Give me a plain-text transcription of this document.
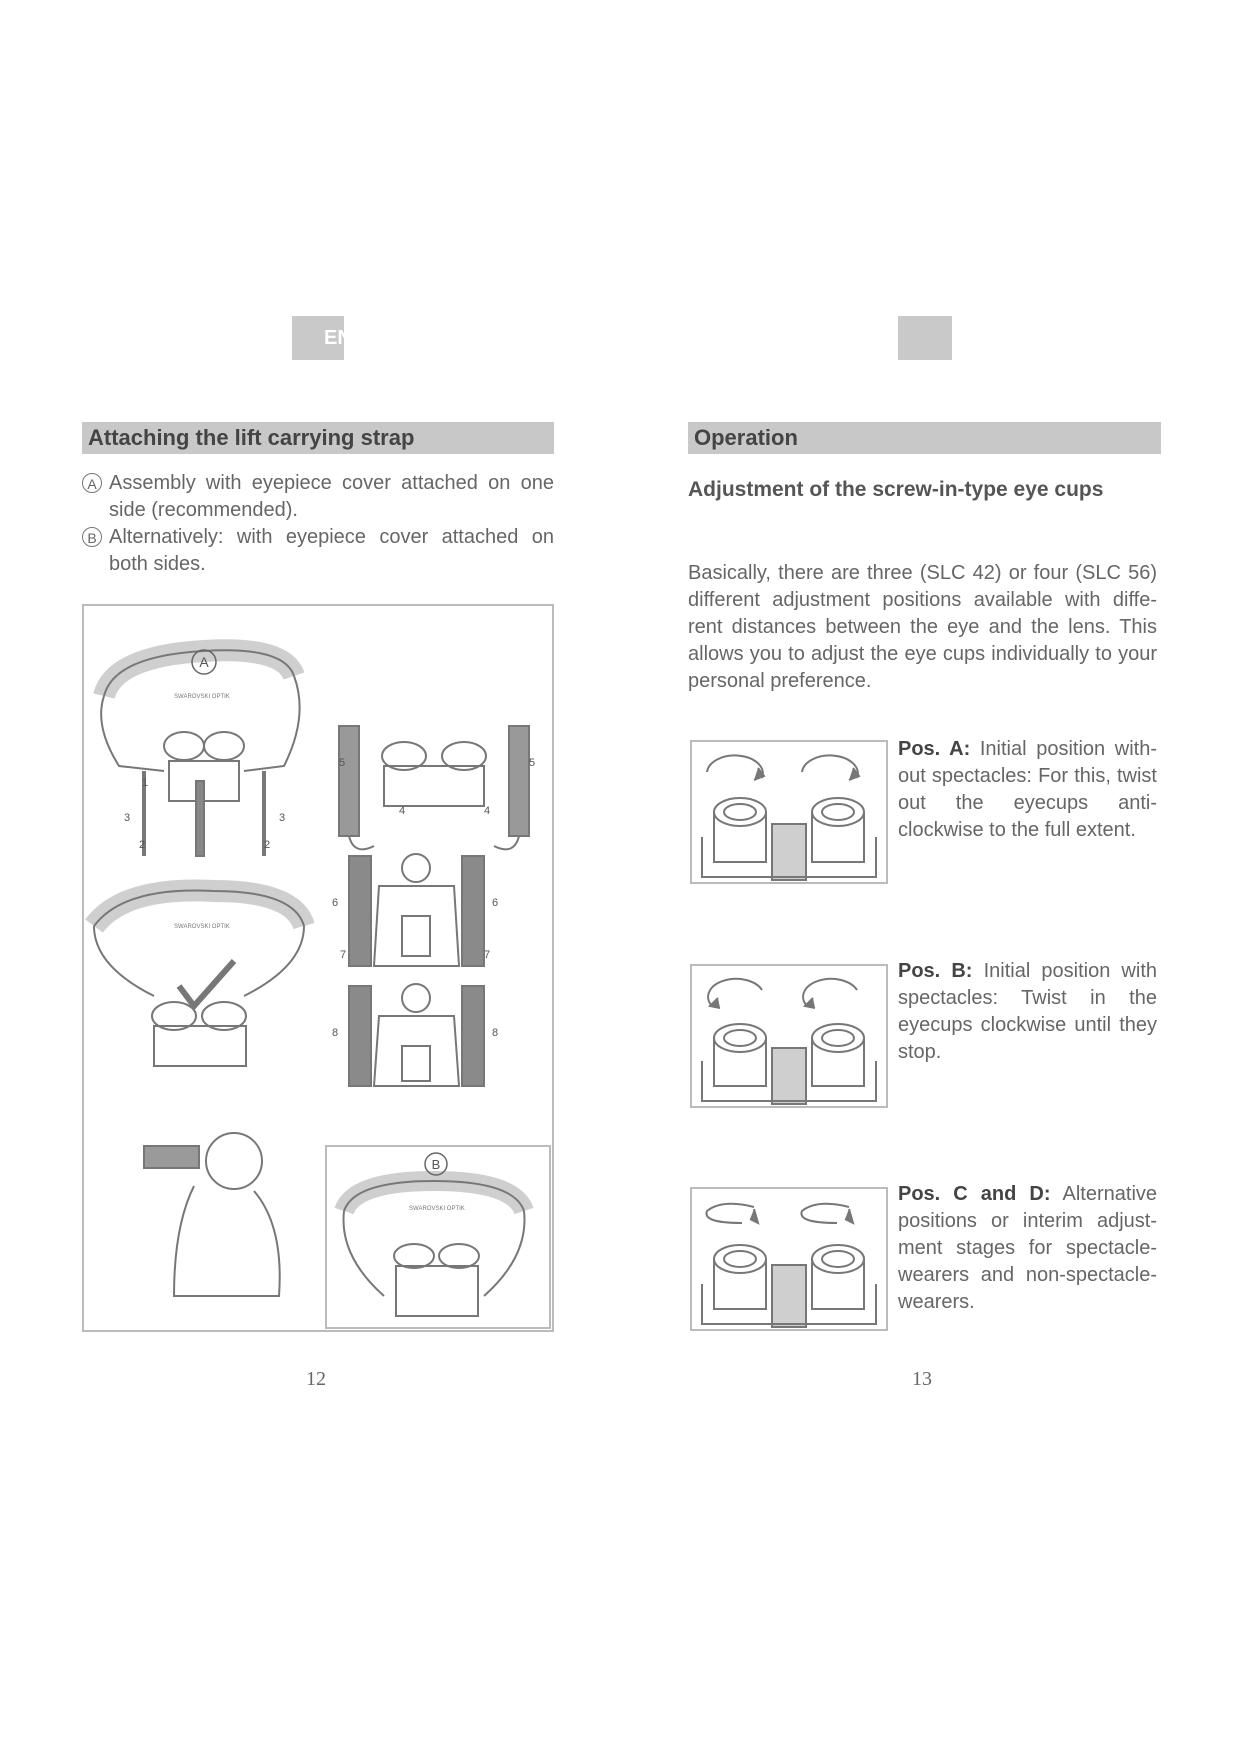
EN
Attaching the lift carrying strap
A Assembly with eyepiece cover attached on one side (recommended).
B Alternatively: with eyepiece cover attached on both sides.
A
1
3	3
2	2
SWAROVSKI OPTIK
5	5
4	4
SWAROVSKI OPTIK
6	6
7	7
8	8
B
SWAROVSKI OPTIK
12
Operation
Adjustment of the screw-in-type eye cups
Basically, there are three (SLC 42) or four (SLC 56) different adjustment positions available with diffe-rent distances between the eye and the lens. This allows you to adjust the eye cups individually to your personal preference.
Pos. A: Initial position with-out spectacles: For this, twist out the eyecups anti-clockwise to the full extent.
Pos. B: Initial position with spectacles: Twist in the eyecups clockwise until they stop.
Pos. C and D: Alternative positions or interim adjust-ment stages for spectacle-wearers and non-spectacle-wearers.
13
